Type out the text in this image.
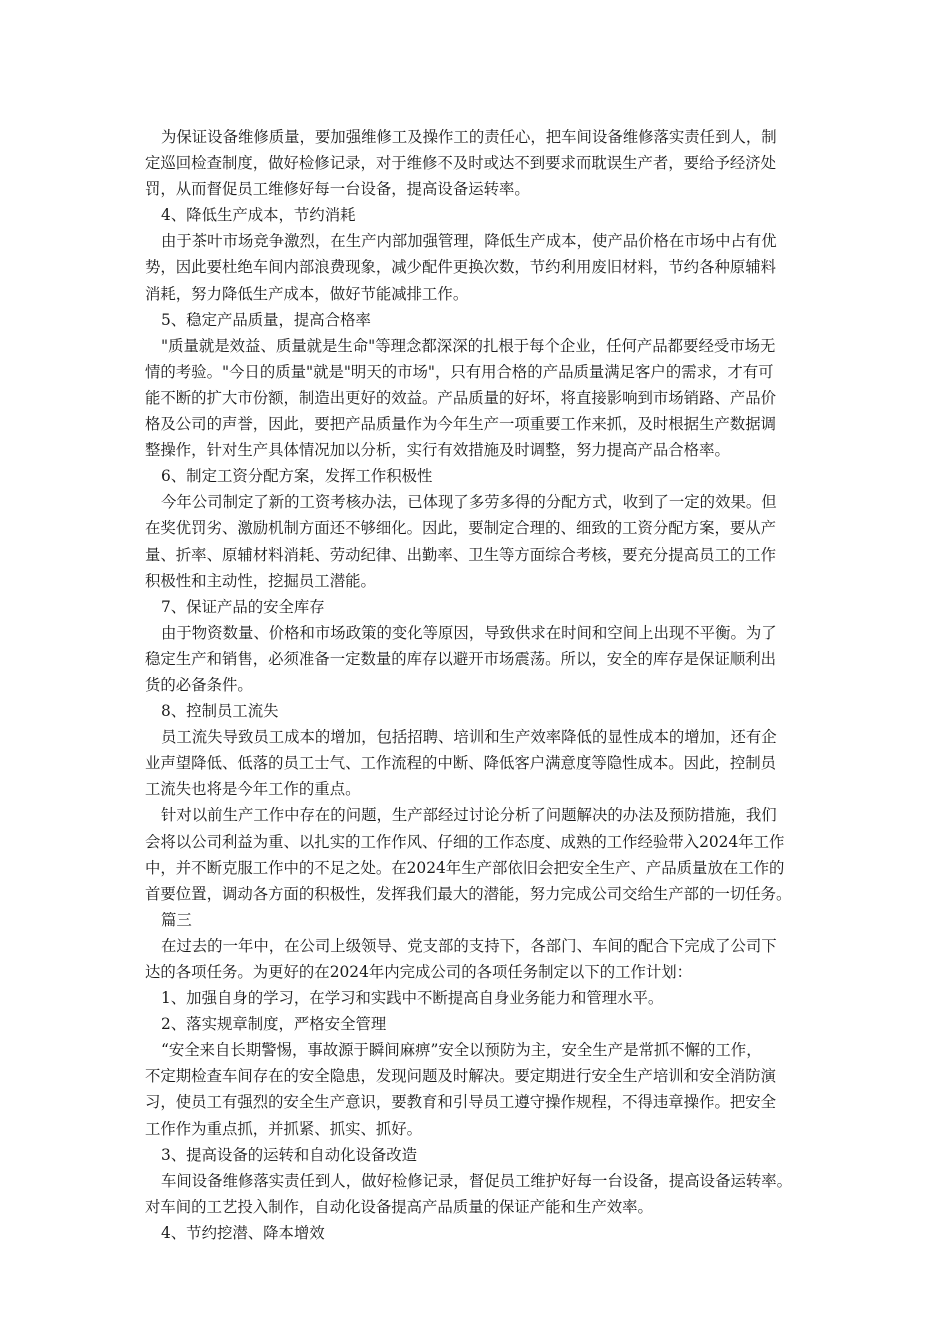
为保证设备维修质量，要加强维修工及操作工的责任心，把车间设备维修落实责任到人，制
定巡回检查制度，做好检修记录，对于维修不及时或达不到要求而耽误生产者，要给予经济处
罚，从而督促员工维修好每一台设备，提高设备运转率。
4、降低生产成本，节约消耗
由于茶叶市场竞争激烈，在生产内部加强管理，降低生产成本，使产品价格在市场中占有优
势，因此要杜绝车间内部浪费现象，减少配件更换次数，节约利用废旧材料，节约各种原辅料
消耗，努力降低生产成本，做好节能减排工作。
5、稳定产品质量，提高合格率
"质量就是效益、质量就是生命"等理念都深深的扎根于每个企业，任何产品都要经受市场无
情的考验。"今日的质量"就是"明天的市场"，只有用合格的产品质量满足客户的需求，才有可
能不断的扩大市份额，制造出更好的效益。产品质量的好坏，将直接影响到市场销路、产品价
格及公司的声誉，因此，要把产品质量作为今年生产一项重要工作来抓，及时根据生产数据调
整操作，针对生产具体情况加以分析，实行有效措施及时调整，努力提高产品合格率。
6、制定工资分配方案，发挥工作积极性
今年公司制定了新的工资考核办法，已体现了多劳多得的分配方式，收到了一定的效果。但
在奖优罚劣、激励机制方面还不够细化。因此，要制定合理的、细致的工资分配方案，要从产
量、折率、原辅材料消耗、劳动纪律、出勤率、卫生等方面综合考核，要充分提高员工的工作
积极性和主动性，挖掘员工潜能。
7、保证产品的安全库存
由于物资数量、价格和市场政策的变化等原因，导致供求在时间和空间上出现不平衡。为了
稳定生产和销售，必须准备一定数量的库存以避开市场震荡。所以，安全的库存是保证顺利出
货的必备条件。
8、控制员工流失
员工流失导致员工成本的增加，包括招聘、培训和生产效率降低的显性成本的增加，还有企
业声望降低、低落的员工士气、工作流程的中断、降低客户满意度等隐性成本。因此，控制员
工流失也将是今年工作的重点。
针对以前生产工作中存在的问题，生产部经过讨论分析了问题解决的办法及预防措施，我们
会将以公司利益为重、以扎实的工作作风、仔细的工作态度、成熟的工作经验带入2024年工作
中，并不断克服工作中的不足之处。在2024年生产部依旧会把安全生产、产品质量放在工作的
首要位置，调动各方面的积极性，发挥我们最大的潜能，努力完成公司交给生产部的一切任务。
篇三
在过去的一年中，在公司上级领导、党支部的支持下，各部门、车间的配合下完成了公司下
达的各项任务。为更好的在2024年内完成公司的各项任务制定以下的工作计划：
1、加强自身的学习，在学习和实践中不断提高自身业务能力和管理水平。
2、落实规章制度，严格安全管理
“安全来自长期警惕，事故源于瞬间麻痹”安全以预防为主，安全生产是常抓不懈的工作，
不定期检查车间存在的安全隐患，发现问题及时解决。要定期进行安全生产培训和安全消防演
习，使员工有强烈的安全生产意识，要教育和引导员工遵守操作规程，不得违章操作。把安全
工作作为重点抓，并抓紧、抓实、抓好。
3、提高设备的运转和自动化设备改造
车间设备维修落实责任到人，做好检修记录，督促员工维护好每一台设备，提高设备运转率。
对车间的工艺投入制作，自动化设备提高产品质量的保证产能和生产效率。
4、节约挖潜、降本增效
